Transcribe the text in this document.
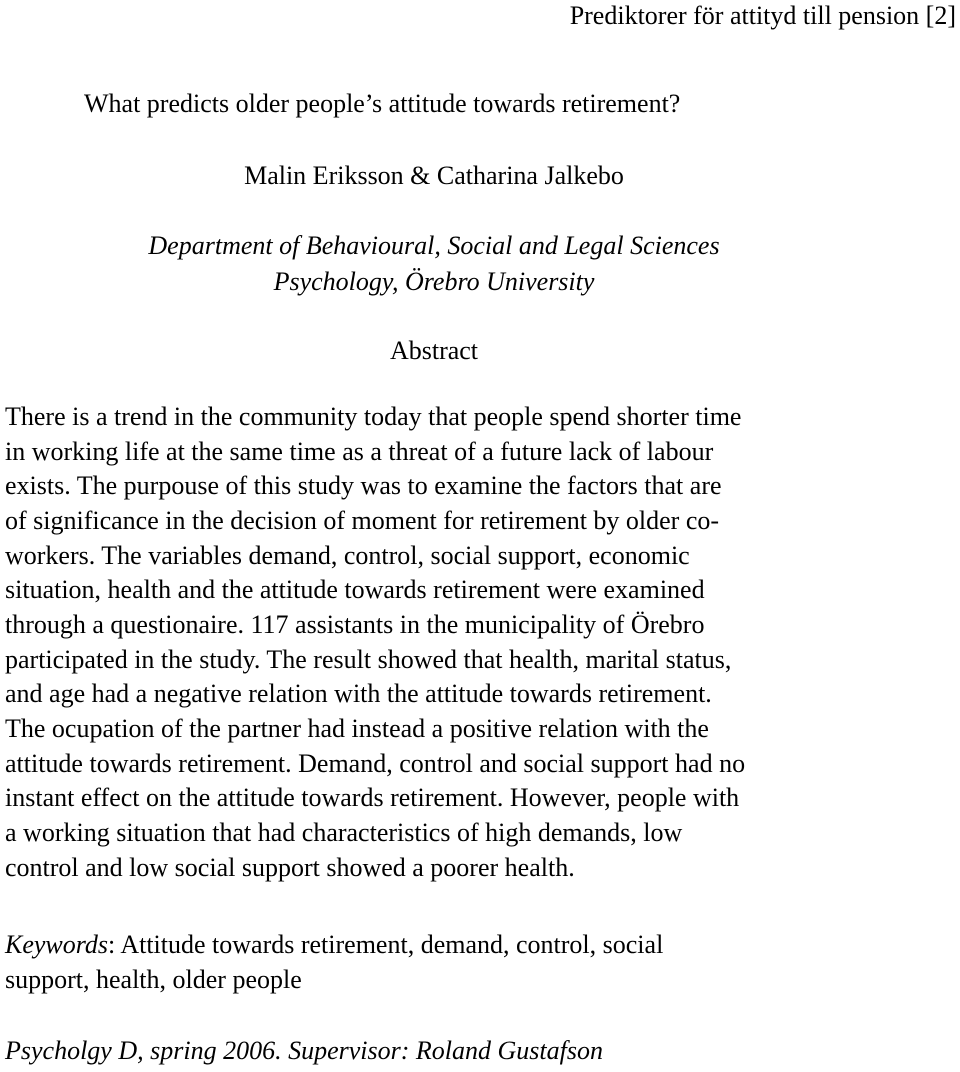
Prediktorer för attityd till pension [2]
What predicts older people’s attitude towards retirement?
Malin Eriksson & Catharina Jalkebo
Department of Behavioural, Social and Legal Sciences
Psychology, Örebro University
Abstract
There is a trend in the community today that people spend shorter time
in working life at the same time as a threat of a future lack of labour
exists. The purpouse of this study was to examine the factors that are
of significance in the decision of moment for retirement by older co-
workers. The variables demand, control, social support, economic
situation, health and the attitude towards retirement were examined
through a questionaire. 117 assistants in the municipality of Örebro
participated in the study. The result showed that health, marital status,
and age had a negative relation with the attitude towards retirement.
The ocupation of the partner had instead a positive relation with the
attitude towards retirement. Demand, control and social support had no
instant effect on the attitude towards retirement. However, people with
a working situation that had characteristics of high demands, low
control and low social support showed a poorer health.
Keywords: Attitude towards retirement, demand, control, social
support, health, older people
Psycholgy D, spring 2006. Supervisor: Roland Gustafson
